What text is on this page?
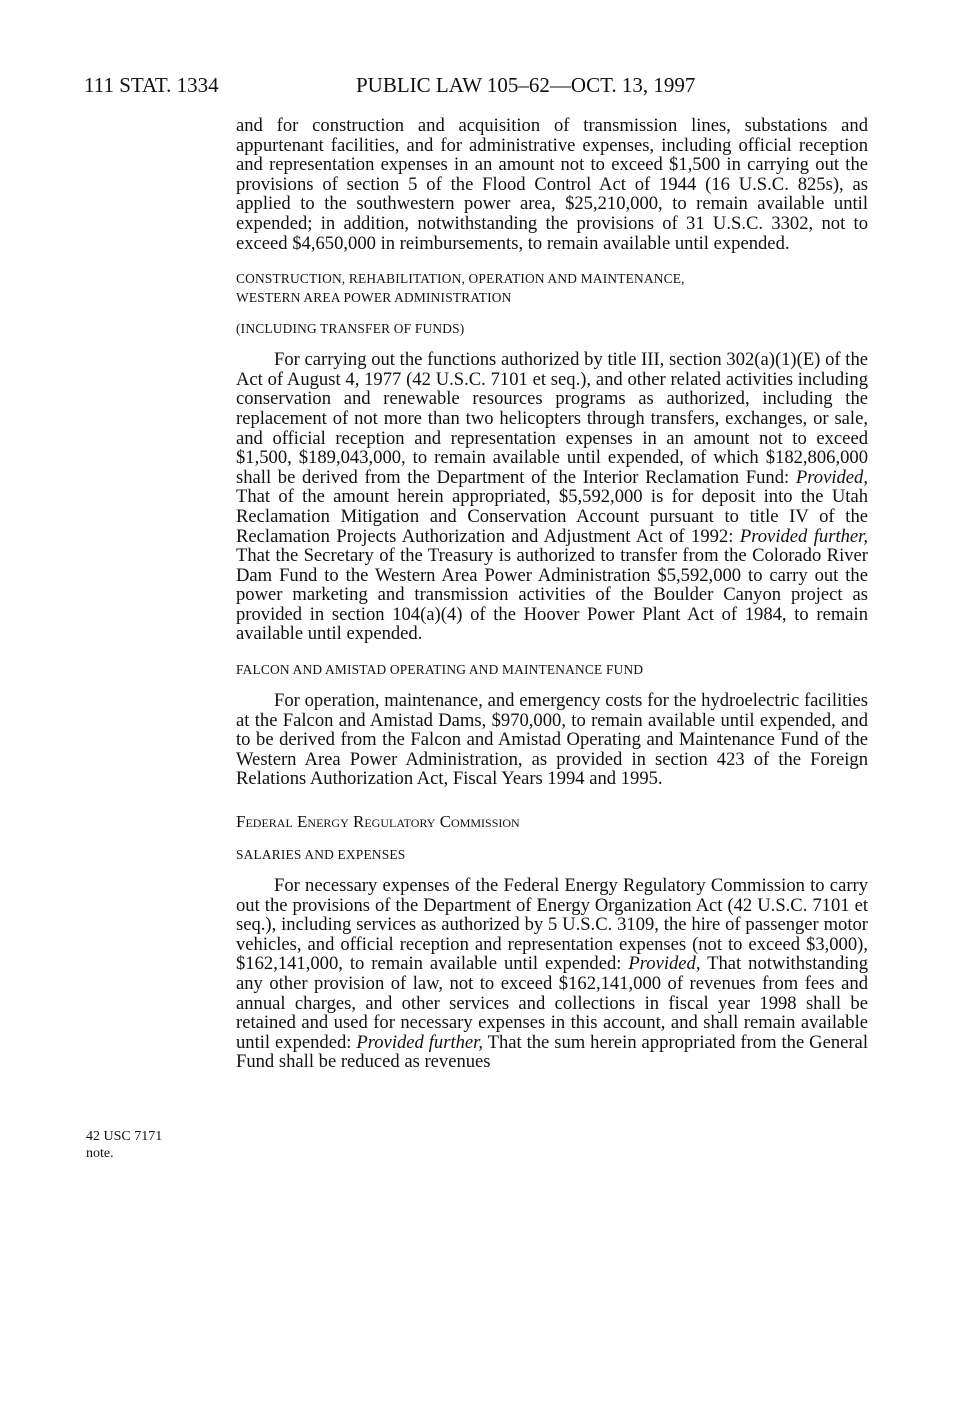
111 STAT. 1334	PUBLIC LAW 105–62—OCT. 13, 1997

and for construction and acquisition of transmission lines, substations and appurtenant facilities, and for administrative expenses, including official reception and representation expenses in an amount not to exceed $1,500 in carrying out the provisions of section 5 of the Flood Control Act of 1944 (16 U.S.C. 825s), as applied to the southwestern power area, $25,210,000, to remain available until expended; in addition, notwithstanding the provisions of 31 U.S.C. 3302, not to exceed $4,650,000 in reimbursements, to remain available until expended.

CONSTRUCTION, REHABILITATION, OPERATION AND MAINTENANCE,

WESTERN AREA POWER ADMINISTRATION

(INCLUDING TRANSFER OF FUNDS)

For carrying out the functions authorized by title III, section 302(a)(1)(E) of the Act of August 4, 1977 (42 U.S.C. 7101 et seq.), and other related activities including conservation and renewable resources programs as authorized, including the replacement of not more than two helicopters through transfers, exchanges, or sale, and official reception and representation expenses in an amount not to exceed $1,500, $189,043,000, to remain available until expended, of which $182,806,000 shall be derived from the Department of the Interior Reclamation Fund: Provided, That of the amount herein appropriated, $5,592,000 is for deposit into the Utah Reclamation Mitigation and Conservation Account pursuant to title IV of the Reclamation Projects Authorization and Adjustment Act of 1992: Provided further, That the Secretary of the Treasury is authorized to transfer from the Colorado River Dam Fund to the Western Area Power Administration $5,592,000 to carry out the power marketing and transmission activities of the Boulder Canyon project as provided in section 104(a)(4) of the Hoover Power Plant Act of 1984, to remain available until expended.

FALCON AND AMISTAD OPERATING AND MAINTENANCE FUND

For operation, maintenance, and emergency costs for the hydroelectric facilities at the Falcon and Amistad Dams, $970,000, to remain available until expended, and to be derived from the Falcon and Amistad Operating and Maintenance Fund of the Western Area Power Administration, as provided in section 423 of the Foreign Relations Authorization Act, Fiscal Years 1994 and 1995.

Federal Energy Regulatory Commission

SALARIES AND EXPENSES

For necessary expenses of the Federal Energy Regulatory Commission to carry out the provisions of the Department of Energy Organization Act (42 U.S.C. 7101 et seq.), including services as authorized by 5 U.S.C. 3109, the hire of passenger motor vehicles, and official reception and representation expenses (not to exceed $3,000), $162,141,000, to remain available until expended: Provided, That notwithstanding any other provision of law, not to exceed $162,141,000 of revenues from fees and annual charges, and other services and collections in fiscal year 1998 shall be retained and used for necessary expenses in this account, and shall remain available until expended: Provided further, That the sum herein appropriated from the General Fund shall be reduced as revenues

42 USC 7171
note.
